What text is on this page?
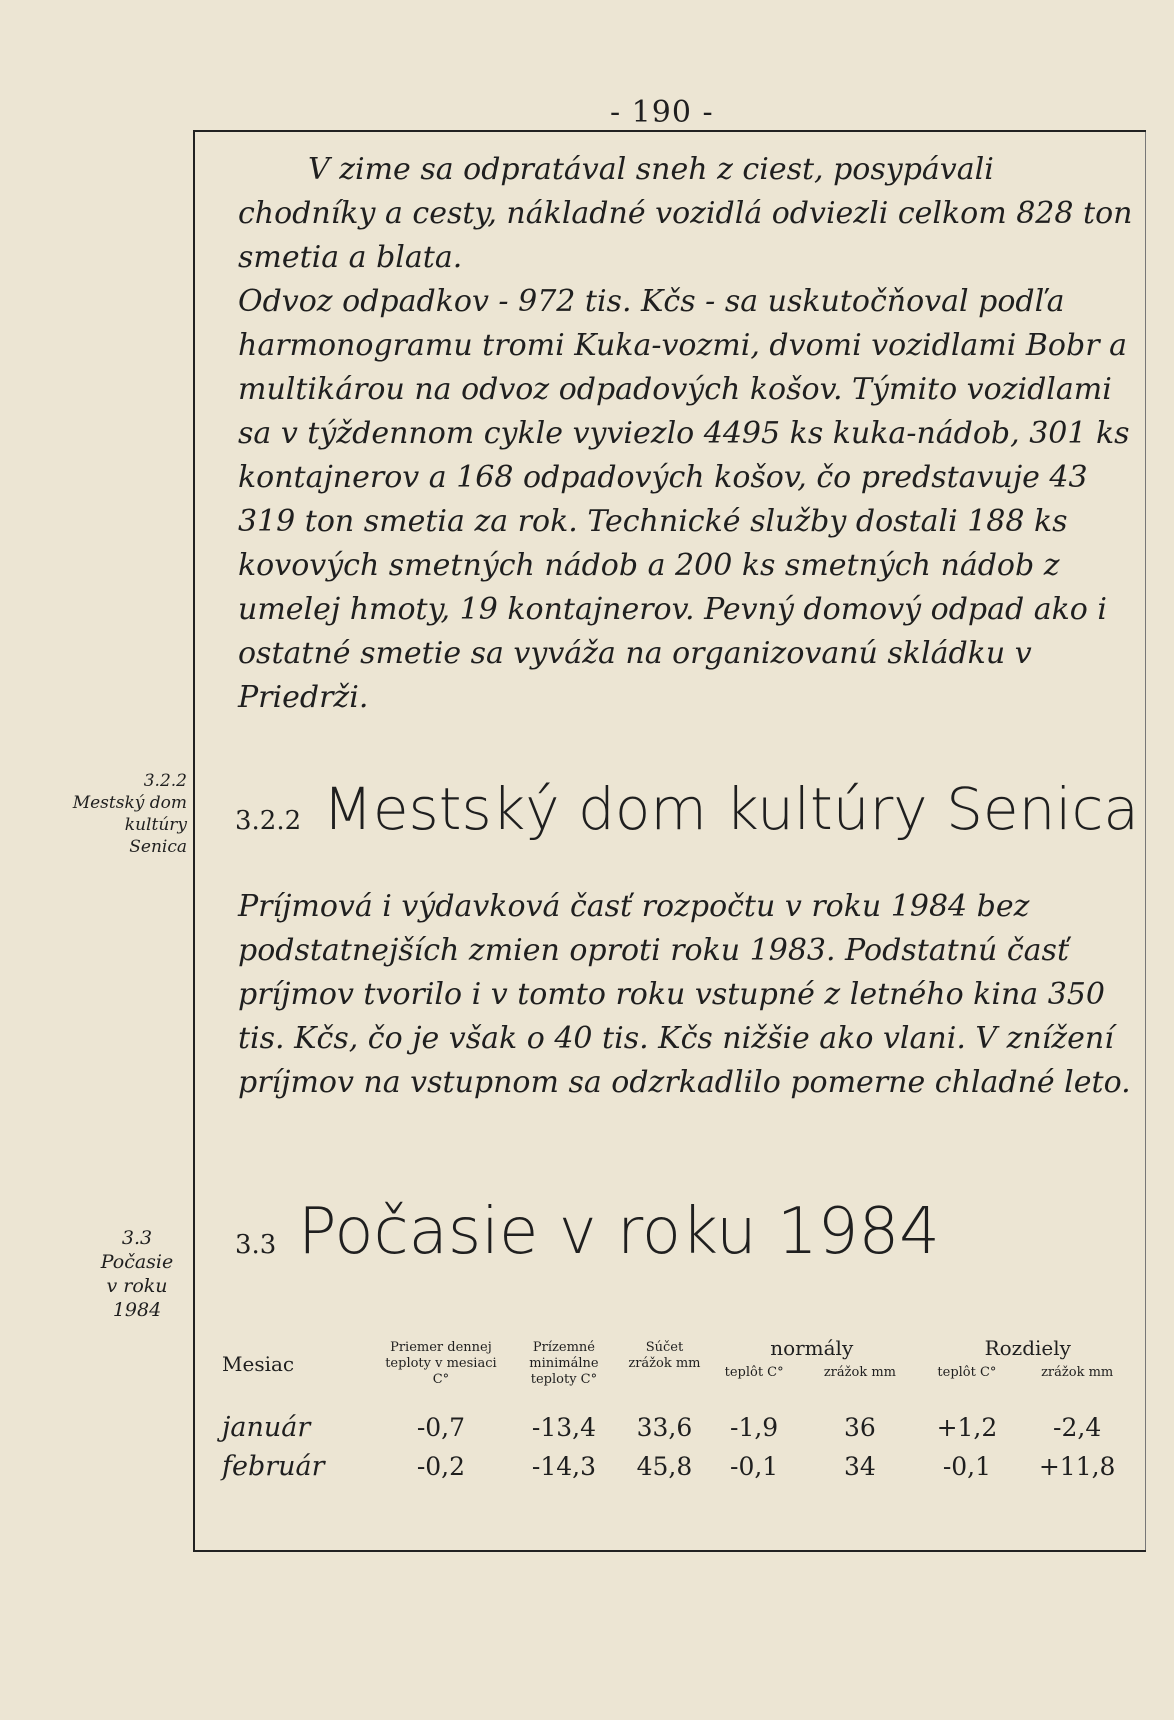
- 190 -

V zime sa odpratával sneh z ciest, posypávali chodníky a cesty, nákladné vozidlá odviezli celkom 828 ton smetia a blata.

Odvoz odpadkov - 972 tis. Kčs - sa uskutočňoval podľa harmonogramu tromi Kuka-vozmi, dvomi vozidlami Bobr a multikárou na odvoz odpadových košov. Týmito vozidlami sa v týždennom cykle vyviezlo 4495 ks kuka-nádob, 301 ks kontajnerov a 168 odpadových košov, čo predstavuje 43 319 ton smetia za rok. Technické služby dostali 188 ks kovových smetných nádob a 200 ks smetných nádob z umelej hmoty, 19 kontajnerov. Pevný domový odpad ako i ostatné smetie sa vyváža na organizovanú skládku v Priedrži.

3.2.2
Mestský dom
kultúry Senica
3.2.2 Mestský dom kultúry Senica

Príjmová i výdavková časť rozpočtu v roku 1984 bez podstatnejších zmien oproti roku 1983. Podstatnú časť príjmov tvorilo i v tomto roku vstupné z letného kina 350 tis. Kčs, čo je však o 40 tis. Kčs nižšie ako vlani. V znížení príjmov na vstupnom sa odzrkadlilo pomerne chladné leto.

3.3
Počasie
v roku
1984
3.3 Počasie v roku 1984
Mesiac	Priemer dennej teploty v mesiaci C°	Prízemné minimálne teploty C°	Súčet zrážok mm	normály		Rozdiely	
				teplôt C°	zrážok mm	teplôt C°	zrážok mm
január	-0,7	-13,4	33,6	-1,9	36	+1,2	-2,4
február	-0,2	-14,3	45,8	-0,1	34	-0,1	+11,8
